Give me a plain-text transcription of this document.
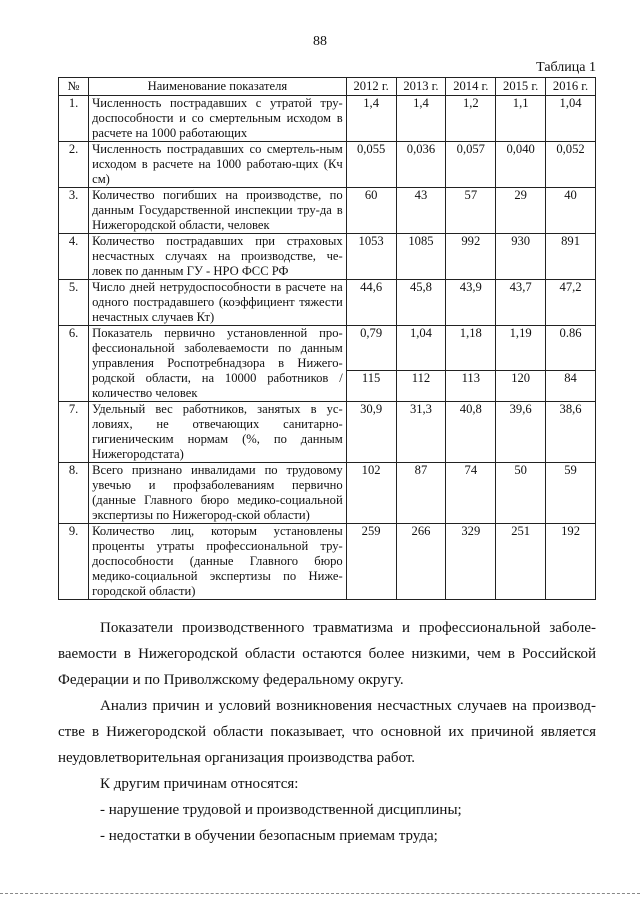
88
Таблица 1
№	Наименование показателя	2012 г.	2013 г.	2014 г.	2015 г.	2016 г.
1.	Численность пострадавших с утратой тру-доспособности и со смертельным исходом в расчете на 1000 работающих	1,4	1,4	1,2	1,1	1,04
2.	Численность пострадавших со смертель-ным исходом в расчете на 1000 работаю-щих (Кч см)	0,055	0,036	0,057	0,040	0,052
3.	Количество погибших на производстве, по данным Государственной инспекции тру-да в Нижегородской области, человек	60	43	57	29	40
4.	Количество пострадавших при страховых несчастных случаях на производстве, че-ловек по данным ГУ - НРО ФСС РФ	1053	1085	992	930	891
5.	Число дней нетрудоспособности в расчете на одного пострадавшего (коэффициент тяжести нечастных случаев Кт)	44,6	45,8	43,9	43,7	47,2
6.	Показатель первично установленной про-фессиональной заболеваемости по данным управления Роспотребнадзора в Нижего-родской области, на 10000 работников / количество человек	0,79	1,04	1,18	1,19	0.86
		115	112	113	120	84
7.	Удельный вес работников, занятых в ус-ловиях, не отвечающих санитарно-гигиеническим нормам (%, по данным Нижегородстата)	30,9	31,3	40,8	39,6	38,6
8.	Всего признано инвалидами по трудовому увечью и профзаболеваниям первично (данные Главного бюро медико-социальной экспертизы по Нижегород-ской области)	102	87	74	50	59
9.	Количество лиц, которым установлены проценты утраты профессиональной тру-доспособности (данные Главного бюро медико-социальной экспертизы по Ниже-городской области)	259	266	329	251	192

Показатели производственного травматизма и профессиональной заболе-ваемости в Нижегородской области остаются более низкими, чем в Российской Федерации и по Приволжскому федеральному округу.

Анализ причин и условий возникновения несчастных случаев на производ-стве в Нижегородской области показывает, что основной их причиной является неудовлетворительная организация производства работ.

К другим причинам относятся:

- нарушение трудовой и производственной дисциплины;

- недостатки в обучении безопасным приемам труда;
